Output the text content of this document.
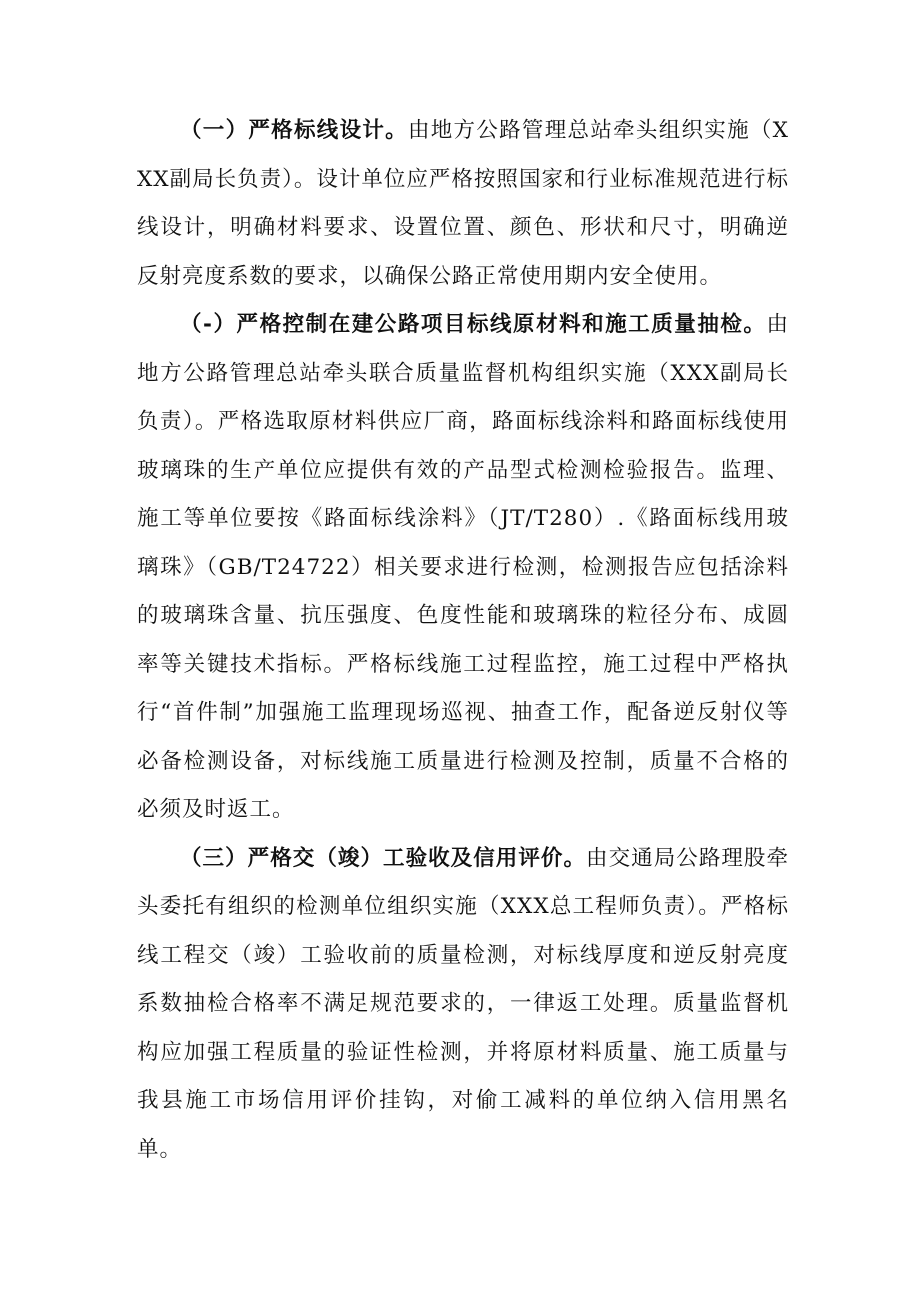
（一）严格标线设计。由地方公路管理总站牵头组织实施（XXX副局长负责）。设计单位应严格按照国家和行业标准规范进行标线设计，明确材料要求、设置位置、颜色、形状和尺寸，明确逆反射亮度系数的要求，以确保公路正常使用期内安全使用。

（-）严格控制在建公路项目标线原材料和施工质量抽检。由地方公路管理总站牵头联合质量监督机构组织实施（XXX副局长负责）。严格选取原材料供应厂商，路面标线涂料和路面标线使用玻璃珠的生产单位应提供有效的产品型式检测检验报告。监理、施工等单位要按《路面标线涂料》（JT/T280）.《路面标线用玻璃珠》（GB/T24722）相关要求进行检测，检测报告应包括涂料的玻璃珠含量、抗压强度、色度性能和玻璃珠的粒径分布、成圆率等关键技术指标。严格标线施工过程监控，施工过程中严格执行“首件制”加强施工监理现场巡视、抽查工作，配备逆反射仪等必备检测设备，对标线施工质量进行检测及控制，质量不合格的必须及时返工。

（三）严格交（竣）工验收及信用评价。由交通局公路理股牵头委托有组织的检测单位组织实施（XXX总工程师负责）。严格标线工程交（竣）工验收前的质量检测，对标线厚度和逆反射亮度系数抽检合格率不满足规范要求的，一律返工处理。质量监督机构应加强工程质量的验证性检测，并将原材料质量、施工质量与我县施工市场信用评价挂钩，对偷工减料的单位纳入信用黑名单。
